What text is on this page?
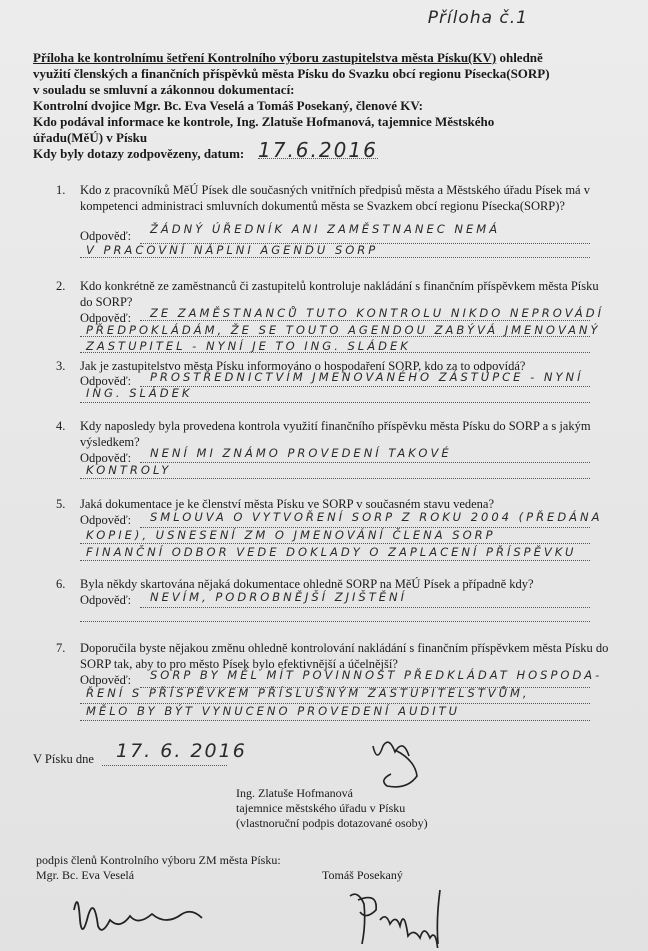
Příloha č.1
Příloha ke kontrolnímu šetření Kontrolního výboru zastupitelstva města Písku(KV) ohledně
využití členských a finančních příspěvků města Písku do Svazku obcí regionu Písecka(SORP)
v souladu se smluvní a zákonnou dokumentací:
Kontrolní dvojice Mgr. Bc. Eva Veselá a Tomáš Posekaný, členové KV:
Kdo podával informace ke kontrole, Ing. Zlatuše Hofmanová, tajemnice Městského
úřadu(MěÚ) v Písku
Kdy byly dotazy zodpovězeny, datum: 17.6.2016
1. Kdo z pracovníků MěÚ Písek dle současných vnitřních předpisů města a Městského úřadu Písek má v kompetenci administraci smluvních dokumentů města se Svazkem obcí regionu Písecka(SORP)?
Odpověď: ŽÁDNÝ ÚŘEDNÍK ANI ZAMĚSTNANEC NEMÁ
V PRACOVNÍ NÁPLNI AGENDU SORP
2. Kdo konkrétně ze zaměstnanců či zastupitelů kontroluje nakládání s finančním příspěvkem města Písku do SORP?
Odpověď: ZE ZAMĚSTNANCŮ TUTO KONTROLU NIKDO NEPROVÁDÍ
PŘEDPOKLÁDÁM, ŽE SE TOUTO AGENDOU ZABÝVÁ JMENOVANÝ
ZASTUPITEL - NYNÍ JE TO ING. SLÁDEK
3. Jak je zastupitelstvo města Písku informováno o hospodaření SORP, kdo za to odpovídá?
Odpověď: PROSTŘEDNICTVÍM JMENOVANÉHO ZÁSTUPCE - NYNÍ
ING. SLÁDEK
4. Kdy naposledy byla provedena kontrola využití finančního příspěvku města Písku do SORP a s jakým výsledkem?
Odpověď: NENÍ MI ZNÁMO PROVEDENÍ TAKOVÉ
KONTROLY
5. Jaká dokumentace je ke členství města Písku ve SORP v současném stavu vedena?
Odpověď: SMLOUVA O VYTVOŘENÍ SORP Z ROKU 2004 (PŘEDÁNA
KOPIE), USNESENÍ ZM O JMENOVÁNÍ ČLENA SORP
FINANČNÍ ODBOR VEDE DOKLADY O ZAPLACENÍ PŘÍSPĚVKU
6. Byla někdy skartována nějaká dokumentace ohledně SORP na MěÚ Písek a případně kdy?
Odpověď: NEVÍM, PODROBNĚJŠÍ ZJIŠTĚNÍ
7. Doporučila byste nějakou změnu ohledně kontrolování nakládání s finančním příspěvkem města Písku do SORP tak, aby to pro město Písek bylo efektivnější a účelnější?
Odpověď: SORP BY MĚL MÍT POVINNOST PŘEDKLÁDAT HOSPODA-
ŘENÍ S PŘÍSPĚVKEM PŘÍSLUŠNÝM ZASTUPITELSTVŮM,
MĚLO BY BÝT VYNUCENO PROVEDENÍ AUDITU
V Písku dne 17. 6. 2016
Ing. Zlatuše Hofmanová
tajemnice městského úřadu v Písku
(vlastnoruční podpis dotazované osoby)
podpis členů Kontrolního výboru ZM města Písku:
Mgr. Bc. Eva Veselá	Tomáš Posekaný
